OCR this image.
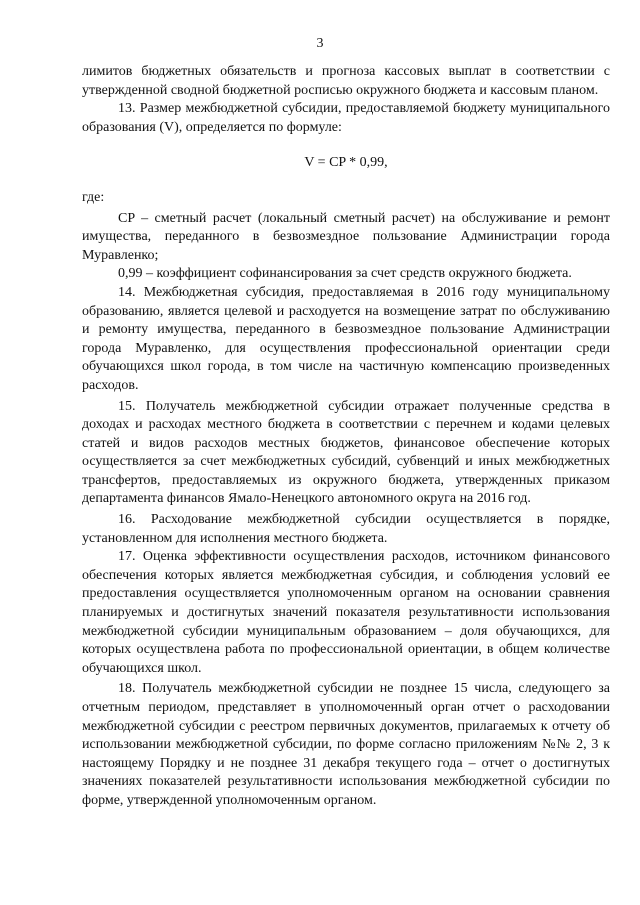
3

лимитов бюджетных обязательств и прогноза кассовых выплат в соответствии с утвержденной сводной бюджетной росписью окружного бюджета и кассовым планом.

13. Размер межбюджетной субсидии, предоставляемой бюджету муниципального образования (V), определяется по формуле:

V = CP * 0,99,

где:

CP – сметный расчет (локальный сметный расчет) на обслуживание и ремонт имущества, переданного в безвозмездное пользование Администрации города Муравленко;

0,99 – коэффициент софинансирования за счет средств окружного бюджета.

14. Межбюджетная субсидия, предоставляемая в 2016 году муниципальному образованию, является целевой и расходуется на возмещение затрат по обслуживанию и ремонту имущества, переданного в безвозмездное пользование Администрации города Муравленко, для осуществления профессиональной ориентации среди обучающихся школ города, в том числе на частичную компенсацию произведенных расходов.

15. Получатель межбюджетной субсидии отражает полученные средства в доходах и расходах местного бюджета в соответствии с перечнем и кодами целевых статей и видов расходов местных бюджетов, финансовое обеспечение которых осуществляется за счет межбюджетных субсидий, субвенций и иных межбюджетных трансфертов, предоставляемых из окружного бюджета, утвержденных приказом департамента финансов Ямало-Ненецкого автономного округа на 2016 год.

16. Расходование межбюджетной субсидии осуществляется в порядке, установленном для исполнения местного бюджета.

17. Оценка эффективности осуществления расходов, источником финансового обеспечения которых является межбюджетная субсидия, и соблюдения условий ее предоставления осуществляется уполномоченным органом на основании сравнения планируемых и достигнутых значений показателя результативности использования межбюджетной субсидии муниципальным образованием – доля обучающихся, для которых осуществлена работа по профессиональной ориентации, в общем количестве обучающихся школ.

18. Получатель межбюджетной субсидии не позднее 15 числа, следующего за отчетным периодом, представляет в уполномоченный орган отчет о расходовании межбюджетной субсидии с реестром первичных документов, прилагаемых к отчету об использовании межбюджетной субсидии, по форме согласно приложениям №№ 2, 3 к настоящему Порядку и не позднее 31 декабря текущего года – отчет о достигнутых значениях показателей результативности использования межбюджетной субсидии по форме, утвержденной уполномоченным органом.
